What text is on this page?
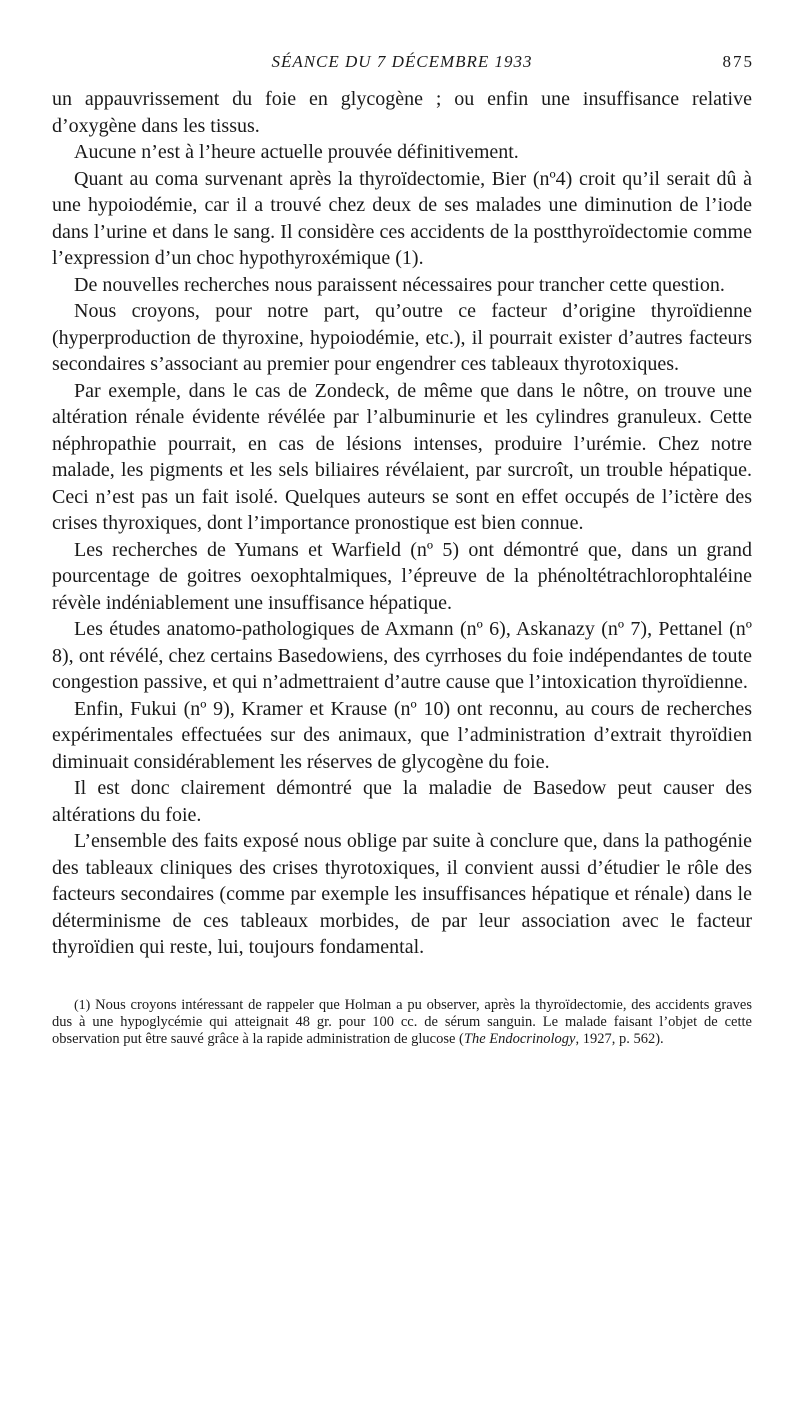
SÉANCE DU 7 DÉCEMBRE 1933	875

un appauvrissement du foie en glycogène ; ou enfin une insuffisance relative d’oxygène dans les tissus.

Aucune n’est à l’heure actuelle prouvée définitivement.

Quant au coma survenant après la thyroïdectomie, Bier (nº4) croit qu’il serait dû à une hypoiodémie, car il a trouvé chez deux de ses malades une diminution de l’iode dans l’urine et dans le sang. Il considère ces accidents de la postthyroïdectomie comme l’expression d’un choc hypothyroxémique (1).

De nouvelles recherches nous paraissent nécessaires pour trancher cette question.

Nous croyons, pour notre part, qu’outre ce facteur d’origine thyroïdienne (hyperproduction de thyroxine, hypoiodémie, etc.), il pourrait exister d’autres facteurs secondaires s’associant au premier pour engendrer ces tableaux thyrotoxiques.

Par exemple, dans le cas de Zondeck, de même que dans le nôtre, on trouve une altération rénale évidente révélée par l’albuminurie et les cylindres granuleux. Cette néphropathie pourrait, en cas de lésions intenses, produire l’urémie. Chez notre malade, les pigments et les sels biliaires révélaient, par surcroît, un trouble hépatique. Ceci n’est pas un fait isolé. Quelques auteurs se sont en effet occupés de l’ictère des crises thyroxiques, dont l’importance pronostique est bien connue.

Les recherches de Yumans et Warfield (nº 5) ont démontré que, dans un grand pourcentage de goitres oexophtalmiques, l’épreuve de la phénoltétrachlorophtaléine révèle indéniablement une insuffisance hépatique.

Les études anatomo-pathologiques de Axmann (nº 6), Askanazy (nº 7), Pettanel (nº 8), ont révélé, chez certains Basedowiens, des cyrrhoses du foie indépendantes de toute congestion passive, et qui n’admettraient d’autre cause que l’intoxication thyroïdienne.

Enfin, Fukui (nº 9), Kramer et Krause (nº 10) ont reconnu, au cours de recherches expérimentales effectuées sur des animaux, que l’administration d’extrait thyroïdien diminuait considérablement les réserves de glycogène du foie.

Il est donc clairement démontré que la maladie de Basedow peut causer des altérations du foie.

L’ensemble des faits exposé nous oblige par suite à conclure que, dans la pathogénie des tableaux cliniques des crises thyrotoxiques, il convient aussi d’étudier le rôle des facteurs secondaires (comme par exemple les insuffisances hépatique et rénale) dans le déterminisme de ces tableaux morbides, de par leur association avec le facteur thyroïdien qui reste, lui, toujours fondamental.

(1) Nous croyons intéressant de rappeler que Holman a pu observer, après la thyroïdectomie, des accidents graves dus à une hypoglycémie qui atteignait 48 gr. pour 100 cc. de sérum sanguin. Le malade faisant l’objet de cette observation put être sauvé grâce à la rapide administration de glucose (The Endocrinology, 1927, p. 562).
